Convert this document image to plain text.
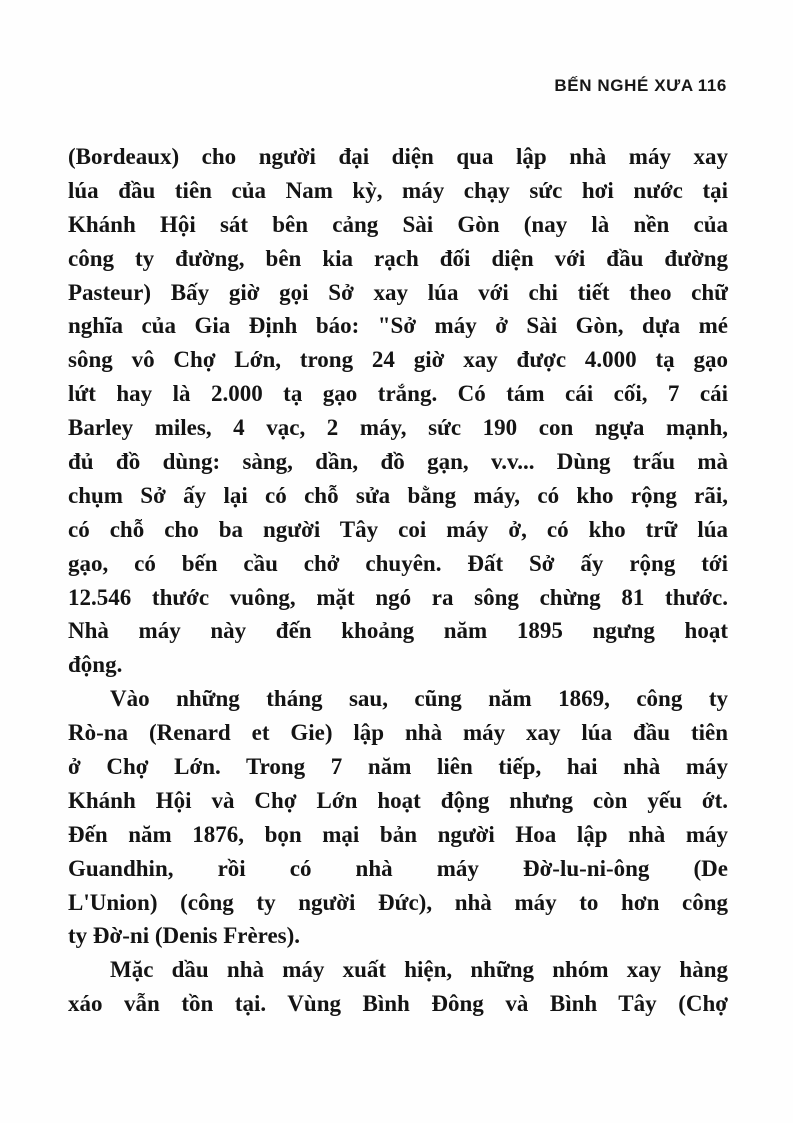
BẾN NGHÉ XƯA 116
(Bordeaux) cho người đại diện qua lập nhà máy xay
lúa đầu tiên của Nam kỳ, máy chạy sức hơi nước tại
Khánh Hội sát bên cảng Sài Gòn (nay là nền của
công ty đường, bên kia rạch đối diện với đầu đường
Pasteur) Bấy giờ gọi Sở xay lúa với chi tiết theo chữ
nghĩa của Gia Định báo: "Sở máy ở Sài Gòn, dựa mé
sông vô Chợ Lớn, trong 24 giờ xay được 4.000 tạ gạo
lứt hay là 2.000 tạ gạo trắng. Có tám cái cối, 7 cái
Barley miles, 4 vạc, 2 máy, sức 190 con ngựa mạnh,
đủ đồ dùng: sàng, dần, đồ gạn, v.v... Dùng trấu mà
chụm Sở ấy lại có chỗ sửa bằng máy, có kho rộng rãi,
có chỗ cho ba người Tây coi máy ở, có kho trữ lúa
gạo, có bến cầu chở chuyên. Đất Sở ấy rộng tới
12.546 thước vuông, mặt ngó ra sông chừng 81 thước.
Nhà máy này đến khoảng năm 1895 ngưng hoạt
động.
Vào những tháng sau, cũng năm 1869, công ty
Rò-na (Renard et Gie) lập nhà máy xay lúa đầu tiên
ở Chợ Lớn. Trong 7 năm liên tiếp, hai nhà máy
Khánh Hội và Chợ Lớn hoạt động nhưng còn yếu ớt.
Đến năm 1876, bọn mại bản người Hoa lập nhà máy
Guandhin, rồi có nhà máy Đờ-lu-ni-ông (De
L'Union) (công ty người Đức), nhà máy to hơn công
ty Đờ-ni (Denis Frères).
Mặc dầu nhà máy xuất hiện, những nhóm xay hàng
xáo vẫn tồn tại. Vùng Bình Đông và Bình Tây (Chợ
